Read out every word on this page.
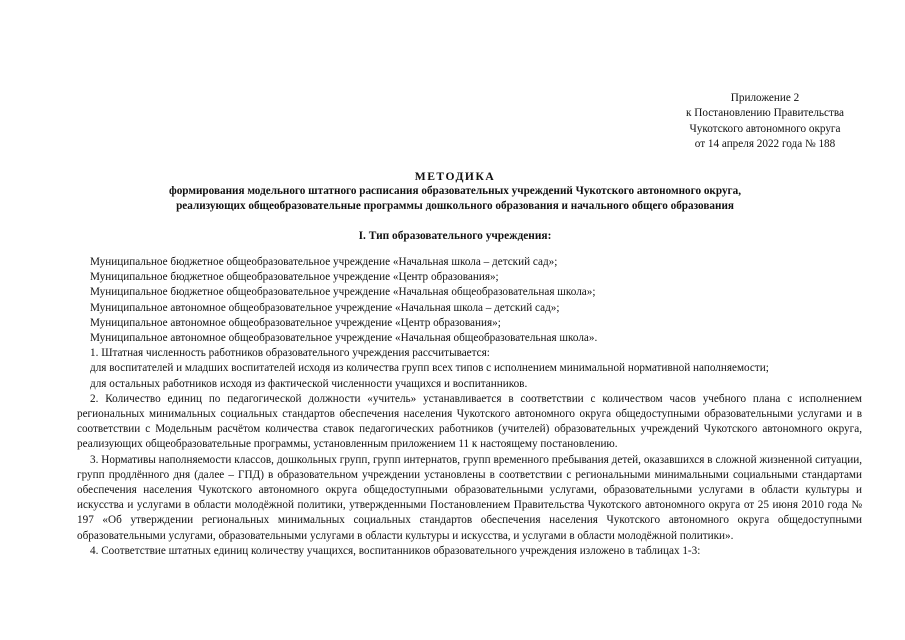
Приложение 2
к Постановлению Правительства
Чукотского автономного округа
от 14 апреля 2022 года № 188
МЕТОДИКА
формирования модельного штатного расписания образовательных учреждений Чукотского автономного округа,
реализующих общеобразовательные программы дошкольного образования и начального общего образования
I. Тип образовательного учреждения:
Муниципальное бюджетное общеобразовательное учреждение «Начальная школа – детский сад»;
Муниципальное бюджетное общеобразовательное учреждение «Центр образования»;
Муниципальное бюджетное общеобразовательное учреждение «Начальная общеобразовательная школа»;
Муниципальное автономное общеобразовательное учреждение «Начальная школа – детский сад»;
Муниципальное автономное общеобразовательное учреждение «Центр образования»;
Муниципальное автономное общеобразовательное учреждение «Начальная общеобразовательная школа».

1. Штатная численность работников образовательного учреждения рассчитывается:

для воспитателей и младших воспитателей исходя из количества групп всех типов с исполнением минимальной нормативной наполняемости;

для остальных работников исходя из фактической численности учащихся и воспитанников.

2. Количество единиц по педагогической должности «учитель» устанавливается в соответствии с количеством часов учебного плана с исполнением региональных минимальных социальных стандартов обеспечения населения Чукотского автономного округа общедоступными образовательными услугами и в соответствии с Модельным расчётом количества ставок педагогических работников (учителей) образовательных учреждений Чукотского автономного округа, реализующих общеобразовательные программы, установленным приложением 11 к настоящему постановлению.

3. Нормативы наполняемости классов, дошкольных групп, групп интернатов, групп временного пребывания детей, оказавшихся в сложной жизненной ситуации, групп продлённого дня (далее – ГПД) в образовательном учреждении установлены в соответствии с региональными минимальными социальными стандартами обеспечения населения Чукотского автономного округа общедоступными образовательными услугами, образовательными услугами в области культуры и искусства и услугами в области молодёжной политики, утвержденными Постановлением Правительства Чукотского автономного округа от 25 июня 2010 года № 197 «Об утверждении региональных минимальных социальных стандартов обеспечения населения Чукотского автономного округа общедоступными образовательными услугами, образовательными услугами в области культуры и искусства, и услугами в области молодёжной политики».

4. Соответствие штатных единиц количеству учащихся, воспитанников образовательного учреждения изложено в таблицах 1-3:
